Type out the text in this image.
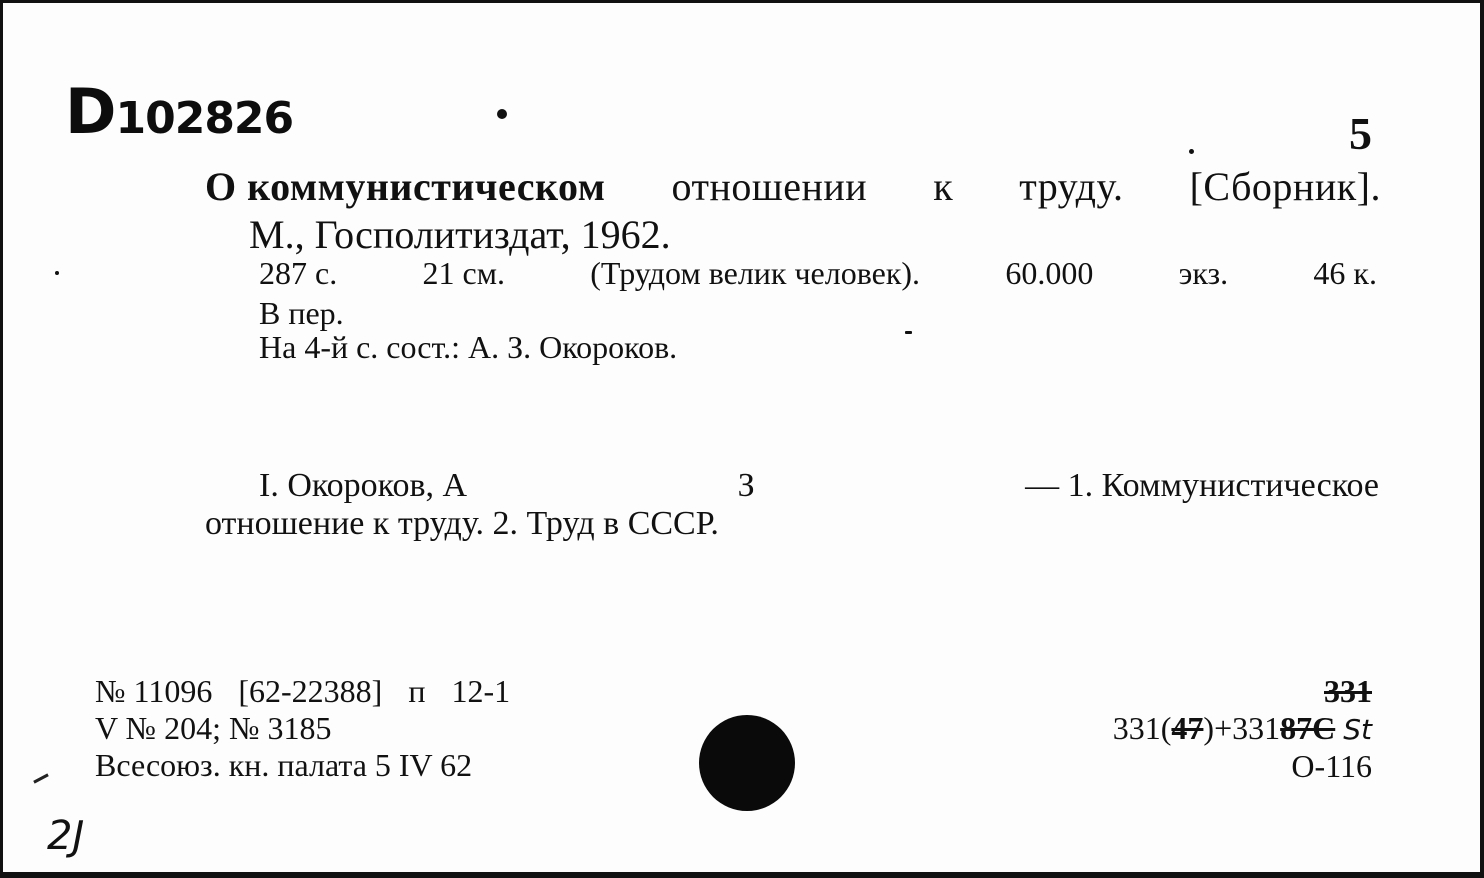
D102826	5
О коммунистическом отношении к труду. [Сборник].
М., Госполитиздат, 1962.
287 с.	21 см.	(Трудом велик человек).	60.000	экз.	46 к.
В пер.
На 4-й с. сост.: А. З. Окороков.
I. Окороков, А	З	— 1. Коммунистическое
отношение к труду. 2. Труд в СССР.
№ 11096 [62-22388] п 12-1
V № 204; № 3185
Всесоюз. кн. палата 5 IV 62
331
331(47)+33187С St
О-116
2J
